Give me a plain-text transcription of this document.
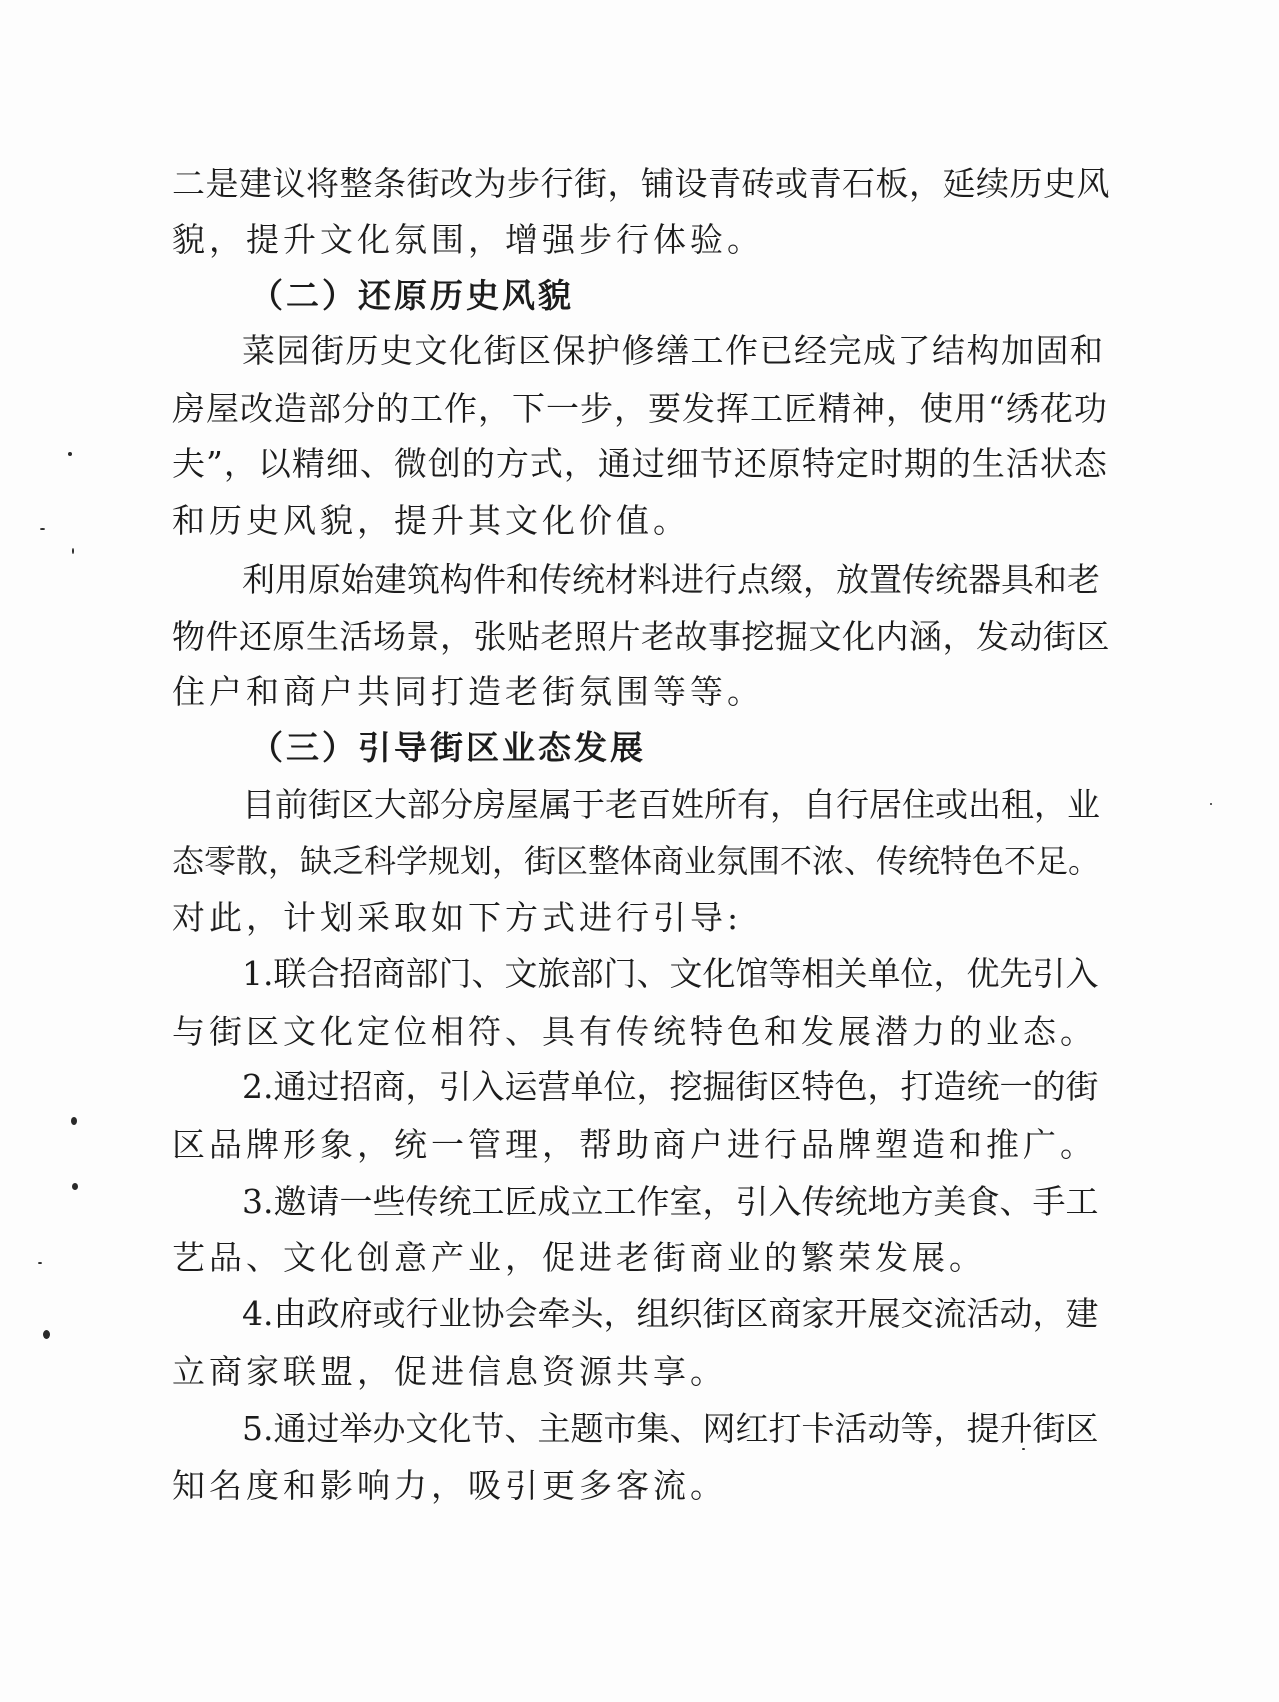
二是建议将整条街改为步行街，铺设青砖或青石板，延续历史风
貌，提升文化氛围，增强步行体验。
（二）还原历史风貌
菜园街历史文化街区保护修缮工作已经完成了结构加固和
房屋改造部分的工作，下一步，要发挥工匠精神，使用“绣花功
夫”，以精细、微创的方式，通过细节还原特定时期的生活状态
和历史风貌，提升其文化价值。
利用原始建筑构件和传统材料进行点缀，放置传统器具和老
物件还原生活场景，张贴老照片老故事挖掘文化内涵，发动街区
住户和商户共同打造老街氛围等等。
（三）引导街区业态发展
目前街区大部分房屋属于老百姓所有，自行居住或出租，业
态零散，缺乏科学规划，街区整体商业氛围不浓、传统特色不足。
对此，计划采取如下方式进行引导:
1.联合招商部门、文旅部门、文化馆等相关单位，优先引入
与街区文化定位相符、具有传统特色和发展潜力的业态。
2.通过招商，引入运营单位，挖掘街区特色，打造统一的街
区品牌形象，统一管理，帮助商户进行品牌塑造和推广。
3.邀请一些传统工匠成立工作室，引入传统地方美食、手工
艺品、文化创意产业，促进老街商业的繁荣发展。
4.由政府或行业协会牵头，组织街区商家开展交流活动，建
立商家联盟，促进信息资源共享。
5.通过举办文化节、主题市集、网红打卡活动等，提升街区
知名度和影响力，吸引更多客流。
